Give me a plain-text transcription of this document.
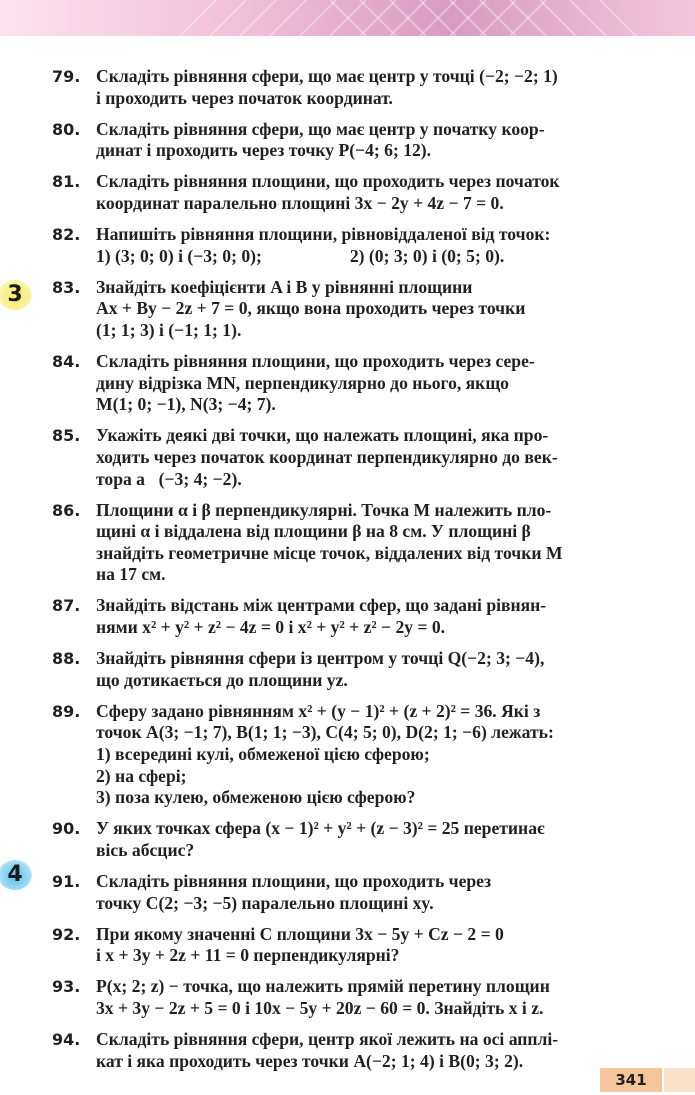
3
4
79. Складіть рівняння сфери, що має центр у точці (−2; −2; 1)
і проходить через початок координат.
80. Складіть рівняння сфери, що має центр у початку коор-
динат і проходить через точку P(−4; 6; 12).
81. Складіть рівняння площини, що проходить через початок
координат паралельно площині 3x − 2y + 4z − 7 = 0.
82. Напишіть рівняння площини, рівновіддаленої від точок:
1) (3; 0; 0) і (−3; 0; 0);	2) (0; 3; 0) і (0; 5; 0).
83. Знайдіть коефіцієнти A і B у рівнянні площини
Ax + By − 2z + 7 = 0, якщо вона проходить через точки
(1; 1; 3) і (−1; 1; 1).
84. Складіть рівняння площини, що проходить через сере-
дину відрізка MN, перпендикулярно до нього, якщо
M(1; 0; −1), N(3; −4; 7).
85. Укажіть деякі дві точки, що належать площині, яка про-
ходить через початок координат перпендикулярно до век-
тора a⃗(−3; 4; −2).
86. Площини α і β перпендикулярні. Точка M належить пло-
щині α і віддалена від площини β на 8 см. У площині β
знайдіть геометричне місце точок, віддалених від точки M
на 17 см.
87. Знайдіть відстань між центрами сфер, що задані рівнян-
нями x² + y² + z² − 4z = 0 і x² + y² + z² − 2y = 0.
88. Знайдіть рівняння сфери із центром у точці Q(−2; 3; −4),
що дотикається до площини yz.
89. Сферу задано рівнянням x² + (y − 1)² + (z + 2)² = 36. Які з
точок A(3; −1; 7), B(1; 1; −3), C(4; 5; 0), D(2; 1; −6) лежать:
1) всередині кулі, обмеженої цією сферою;
2) на сфері;
3) поза кулею, обмеженою цією сферою?
90. У яких точках сфера (x − 1)² + y² + (z − 3)² = 25 перетинає
вісь абсцис?
91. Складіть рівняння площини, що проходить через
точку C(2; −3; −5) паралельно площині xy.
92. При якому значенні C площини 3x − 5y + Cz − 2 = 0
і x + 3y + 2z + 11 = 0 перпендикулярні?
93. P(x; 2; z) − точка, що належить прямій перетину площин
3x + 3y − 2z + 5 = 0 і 10x − 5y + 20z − 60 = 0. Знайдіть x і z.
94. Складіть рівняння сфери, центр якої лежить на осі апплі-
кат і яка проходить через точки A(−2; 1; 4) і B(0; 3; 2).
341
